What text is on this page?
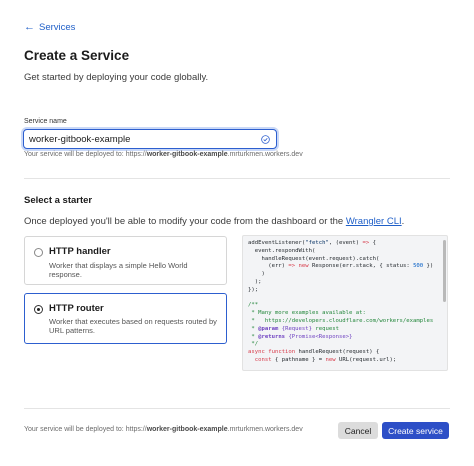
← Services
Create a Service
Get started by deploying your code globally.
Service name
worker-gitbook-example
Your service will be deployed to: https://worker-gitbook-example.mrturkmen.workers.dev
Select a starter
Once deployed you'll be able to modify your code from the dashboard or the Wrangler CLI.
HTTP handler
Worker that displays a simple Hello World response.
HTTP router
Worker that executes based on requests routed by URL patterns.
addEventListener("fetch", (event) => {
event.respondWith(
handleRequest(event.request).catch(
(err) => new Response(err.stack, { status: 500 })
)
);
});

/**
* Many more examples available at:
*   https://developers.cloudflare.com/workers/examples
* @param {Request} request
* @returns {Promise<Response>}
*/
async function handleRequest(request) {
const { pathname } = new URL(request.url);
Your service will be deployed to: https://worker-gitbook-example.mrturkmen.workers.dev	Cancel	Create service
